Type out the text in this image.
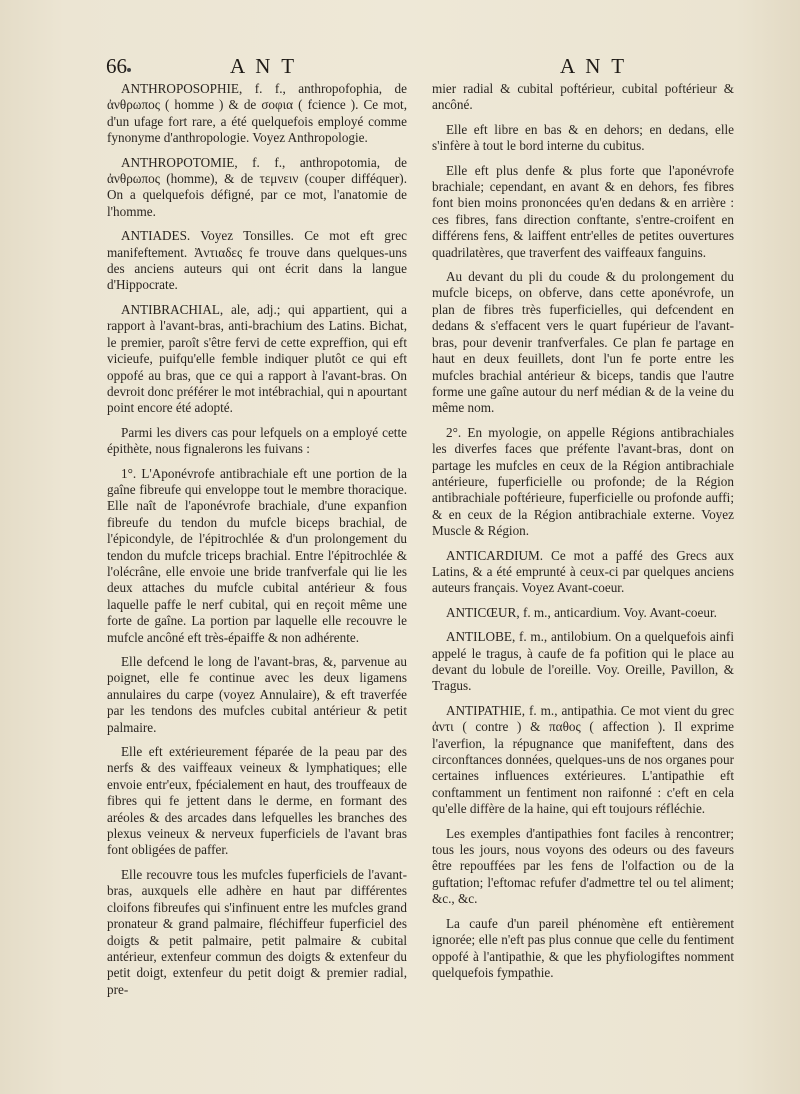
66	A N T	A N T

ANTHROPOSOPHIE, f. f., anthropofophia, de ἀνθρωπος ( homme ) & de σοφια ( fcience ). Ce mot, d'un ufage fort rare, a été quelquefois employé comme fynonyme d'anthropologie. Voyez Anthropologie.

ANTHROPOTOMIE, f. f., anthropotomia, de ἀνθρωπος (homme), & de τεμνειν (couper difféquer). On a quelquefois défigné, par ce mot, l'anatomie de l'homme.

ANTIADES. Voyez Tonsilles. Ce mot eft grec manifeftement. Ἀντιαδες fe trouve dans quelques-uns des anciens auteurs qui ont écrit dans la langue d'Hippocrate.

ANTIBRACHIAL, ale, adj.; qui appartient, qui a rapport à l'avant-bras, anti-brachium des Latins. Bichat, le premier, paroît s'être fervi de cette expreffion, qui eft vicieufe, puifqu'elle femble indiquer plutôt ce qui eft oppofé au bras, que ce qui a rapport à l'avant-bras. On devroit donc préférer le mot intébrachial, qui n apourtant point encore été adopté.

Parmi les divers cas pour lefquels on a employé cette épithète, nous fignalerons les fuivans :

1°. L'Aponévrofe antibrachiale eft une portion de la gaîne fibreufe qui enveloppe tout le membre thoracique. Elle naît de l'aponévrofe brachiale, d'une expanfion fibreufe du tendon du mufcle biceps brachial, de l'épicondyle, de l'épitrochlée & d'un prolongement du tendon du mufcle triceps brachial. Entre l'épitrochlée & l'olécrâne, elle envoie une bride tranfverfale qui lie les deux attaches du mufcle cubital antérieur & fous laquelle paffe le nerf cubital, qui en reçoit même une forte de gaîne. La portion par laquelle elle recouvre le mufcle ancôné eft très-épaiffe & non adhérente.

Elle defcend le long de l'avant-bras, &, parvenue au poignet, elle fe continue avec les deux ligamens annulaires du carpe (voyez Annulaire), & eft traverfée par les tendons des mufcles cubital antérieur & petit palmaire.

Elle eft extérieurement féparée de la peau par des nerfs & des vaiffeaux veineux & lymphatiques; elle envoie entr'eux, fpécialement en haut, des trouffeaux de fibres qui fe jettent dans le derme, en formant des aréoles & des arcades dans lefquelles les branches des plexus veineux & nerveux fuperficiels de l'avant bras font obligées de paffer.

Elle recouvre tous les mufcles fuperficiels de l'avant-bras, auxquels elle adhère en haut par différentes cloifons fibreufes qui s'infinuent entre les mufcles grand pronateur & grand palmaire, fléchiffeur fuperficiel des doigts & petit palmaire, petit palmaire & cubital antérieur, extenfeur commun des doigts & extenfeur du petit doigt, extenfeur du petit doigt & premier radial, pre-

mier radial & cubital poftérieur, cubital poftérieur & ancôné.

Elle eft libre en bas & en dehors; en dedans, elle s'infère à tout le bord interne du cubitus.

Elle eft plus denfe & plus forte que l'aponévrofe brachiale; cependant, en avant & en dehors, fes fibres font bien moins prononcées qu'en dedans & en arrière : ces fibres, fans direction conftante, s'entre-croifent en différens fens, & laiffent entr'elles de petites ouvertures quadrilatères, que traverfent des vaiffeaux fanguins.

Au devant du pli du coude & du prolongement du mufcle biceps, on obferve, dans cette aponévrofe, un plan de fibres très fuperficielles, qui defcendent en dedans & s'effacent vers le quart fupérieur de l'avant-bras, pour devenir tranfverfales. Ce plan fe partage en haut en deux feuillets, dont l'un fe porte entre les mufcles brachial antérieur & biceps, tandis que l'autre forme une gaîne autour du nerf médian & de la veine du même nom.

2°. En myologie, on appelle Régions antibrachiales les diverfes faces que préfente l'avant-bras, dont on partage les mufcles en ceux de la Région antibrachiale antérieure, fuperficielle ou profonde; de la Région antibrachiale poftérieure, fuperficielle ou profonde auffi; & en ceux de la Région antibrachiale externe. Voyez Muscle & Région.

ANTICARDIUM. Ce mot a paffé des Grecs aux Latins, & a été emprunté à ceux-ci par quelques anciens auteurs français. Voyez Avant-coeur.

ANTICŒUR, f. m., anticardium. Voy. Avant-coeur.

ANTILOBE, f. m., antilobium. On a quelquefois ainfi appelé le tragus, à caufe de fa pofition qui le place au devant du lobule de l'oreille. Voy. Oreille, Pavillon, & Tragus.

ANTIPATHIE, f. m., antipathia. Ce mot vient du grec ἀντι ( contre ) & παθος ( affection ). Il exprime l'averfion, la répugnance que manifeftent, dans des circonftances données, quelques-uns de nos organes pour certaines influences extérieures. L'antipathie eft conftamment un fentiment non raifonné : c'eft en cela qu'elle diffère de la haine, qui eft toujours réfléchie.

Les exemples d'antipathies font faciles à rencontrer; tous les jours, nous voyons des odeurs ou des faveurs être repouffées par les fens de l'olfaction ou de la guftation; l'eftomac refufer d'admettre tel ou tel aliment; &c., &c.

La caufe d'un pareil phénomène eft entièrement ignorée; elle n'eft pas plus connue que celle du fentiment oppofé à l'antipathie, & que les phyfiologiftes nomment quelquefois fympathie.
